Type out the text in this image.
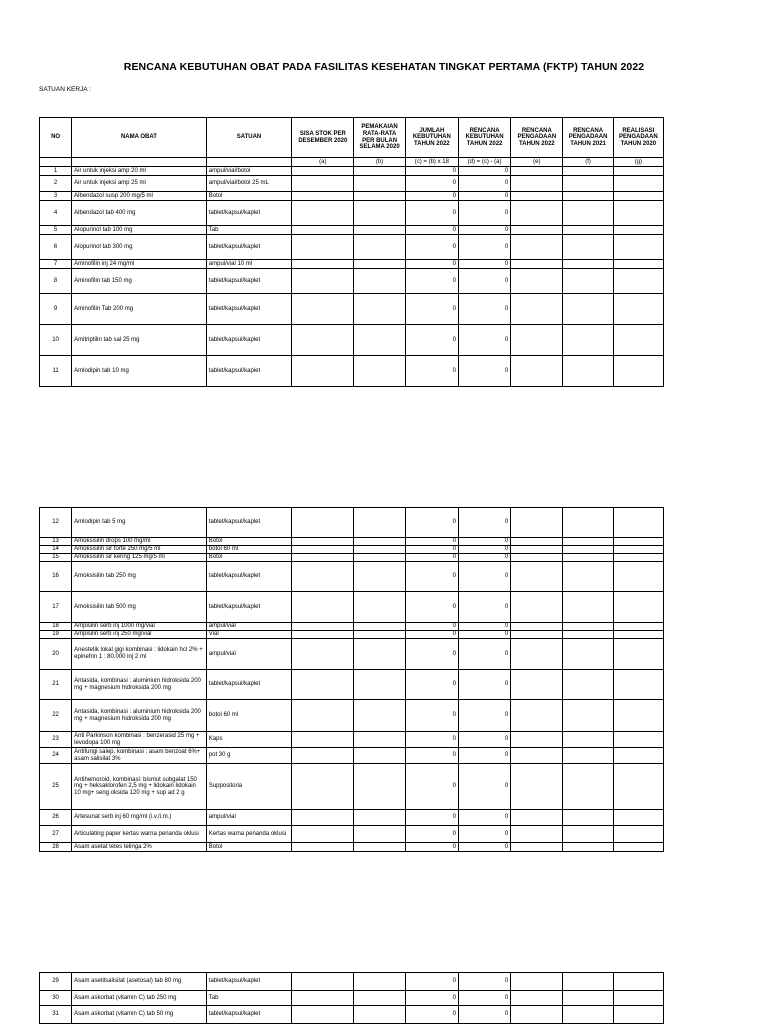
RENCANA KEBUTUHAN OBAT PADA FASILITAS KESEHATAN TINGKAT PERTAMA (FKTP) TAHUN 2022
SATUAN KERJA :
NO	NAMA OBAT	SATUAN	SISA STOK PER DESEMBER 2020	PEMAKAIAN RATA-RATA PER BULAN SELAMA 2020	JUMLAH KEBUTUHAN TAHUN 2022	RENCANA KEBUTUHAN TAHUN 2022	RENCANA PENGADAAN TAHUN 2022	RENCANA PENGADAAN TAHUN 2021	REALISASI PENGADAAN TAHUN 2020
			(a)	(b)	(c) = (b) x 18	(d) = (c) - (a)	(e)	(f)	(g)
1	Air untuk injeksi amp 20 ml	ampul/vial/botol			0	0			
2	Air untuk injeksi amp 25 ml	ampul/vial/botol 25 mL			0	0			
3	Albendazol susp 200 mg/5 ml	Botol			0	0			
4	Albendazol tab 400 mg	tablet/kapsul/kaplet			0	0			
5	Alopurinol tab 100 mg	Tab			0	0			
6	Alopurinol tab 300 mg	tablet/kapsul/kaplet			0	0			
7	Aminofilin inj 24 mg/ml	ampul/vial 10 ml			0	0			
8	Aminofilin tab 150 mg	tablet/kapsul/kaplet			0	0			
9	Aminofilin Tab 200 mg	tablet/kapsul/kaplet			0	0			
10	Amitriptilin tab sal 25 mg	tablet/kapsul/kaplet			0	0			
11	Amlodipin tab 10 mg	tablet/kapsul/kaplet			0	0			
12	Amlodipin tab 5 mg	tablet/kapsul/kaplet			0	0			
13	Amoksisilin drops 100 mg/ml	Botol			0	0			
14	Amoksisilin sir forte 250 mg/5 ml	botol 60 ml			0	0			
15	Amoksisilin sir kering 125 mg/5 ml	Botol			0	0			
16	Amoksisilin tab 250 mg	tablet/kapsul/kaplet			0	0			
17	Amoksisilin tab 500 mg	tablet/kapsul/kaplet			0	0			
18	Ampisilin serb inj 1000 mg/vial	ampul/vial			0	0			
19	Ampisilin serb inj 250 mg/vial	Vial			0	0			
20	Anestetik lokal gigi kombinasi : lidokain hcl 2% + epinefrin 1 : 80.000 inj 2 ml	ampul/vial			0	0			
21	Antasida, kombinasi : aluminium hidroksida 200 mg + magnesium hidroksida 200 mg	tablet/kapsul/kaplet			0	0			
22	Antasida, kombinasi : aluminium hidroksida 200 mg + magnesium hidroksida 200 mg	botol 60 ml			0	0			
23	Anti Parkinson kombinasi : benzerasid 25 mg + levodopa 100 mg	Kaps			0	0			
24	Antifungi salep, kombinasi : asam benzoat 6%+ asam salisilat 3%	pot 30 g			0	0			
25	Antihemoroid, kombinasi: bismut subgalat 150 mg + heksaklorofen 2,5 mg + lidokain lidokain 10 mg+ seng oksida 120 mg + sup ad 2 g	Suppositoria			0	0			
26	Artesunat serb inj 60 mg/ml (i.v./i.m.)	ampul/vial			0	0			
27	Articulating paper kertas warna penanda oklusi	Kertas warna penanda oklusi			0	0			
28	Asam asetat tetes telinga 2%	Botol			0	0			
29	Asam asetilsalisilat (asetosal) tab 80 mg	tablet/kapsul/kaplet			0	0			
30	Asam askorbat (vitamin C) tab 250 mg	Tab			0	0			
31	Asam askorbat (vitamin C) tab 50 mg	tablet/kapsul/kaplet			0	0			
